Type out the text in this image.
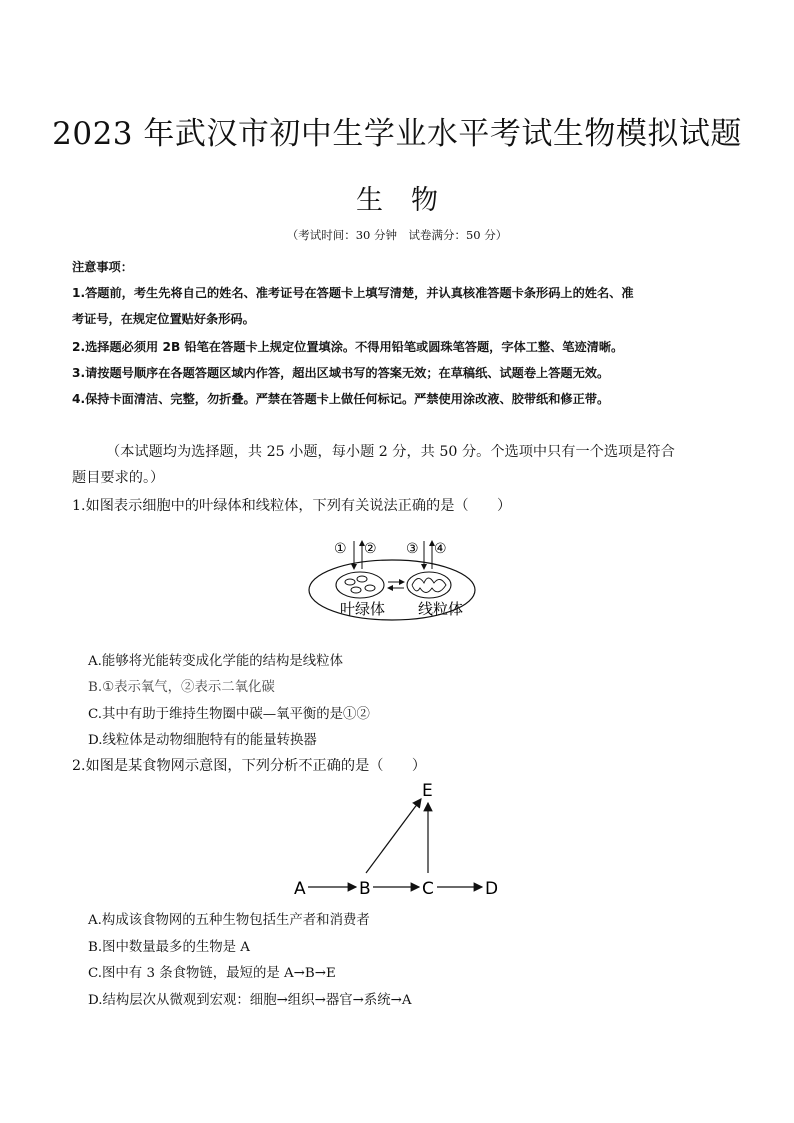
2023 年武汉市初中生学业水平考试生物模拟试题
生物
（考试时间：30 分钟　试卷满分：50 分）
注意事项：
1.答题前，考生先将自己的姓名、准考证号在答题卡上填写清楚，并认真核准答题卡条形码上的姓名、准
考证号，在规定位置贴好条形码。
2.选择题必须用 2B 铅笔在答题卡上规定位置填涂。不得用铅笔或圆珠笔答题，字体工整、笔迹清晰。
3.请按题号顺序在各题答题区域内作答，超出区域书写的答案无效；在草稿纸、试题卷上答题无效。
4.保持卡面清洁、完整，勿折叠。严禁在答题卡上做任何标记。严禁使用涂改液、胶带纸和修正带。
（本试题均为选择题，共 25 小题，每小题 2 分，共 50 分。个选项中只有一个选项是符合
题目要求的。）
1.如图表示细胞中的叶绿体和线粒体，下列有关说法正确的是（　　）
① ② ③ ④
叶绿体 线粒体
A.能够将光能转变成化学能的结构是线粒体
B.①表示氧气，②表示二氧化碳
C.其中有助于维持生物圈中碳—氧平衡的是①②
D.线粒体是动物细胞特有的能量转换器
2.如图是某食物网示意图，下列分析不正确的是（　　）
A	B	C	D
E
A.构成该食物网的五种生物包括生产者和消费者
B.图中数量最多的生物是 A
C.图中有 3 条食物链，最短的是 A→B→E
D.结构层次从微观到宏观：细胞→组织→器官→系统→A
